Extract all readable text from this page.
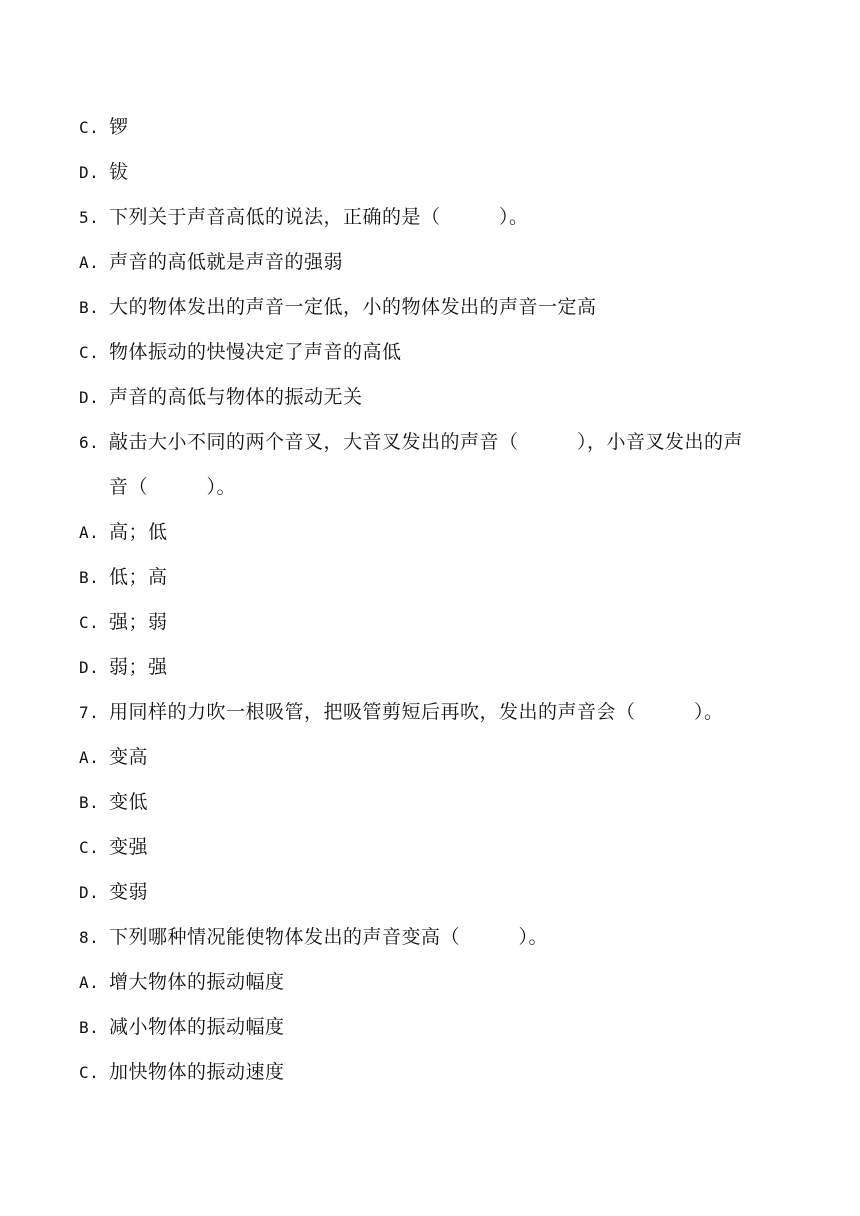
C. 锣
D. 钹
5. 下列关于声音高低的说法，正确的是（　　　）。
A. 声音的高低就是声音的强弱
B. 大的物体发出的声音一定低，小的物体发出的声音一定高
C. 物体振动的快慢决定了声音的高低
D. 声音的高低与物体的振动无关
6. 敲击大小不同的两个音叉，大音叉发出的声音（　　　），小音叉发出的声
音（　　　）。
A. 高；低
B. 低；高
C. 强；弱
D. 弱；强
7. 用同样的力吹一根吸管，把吸管剪短后再吹，发出的声音会（　　　）。
A. 变高
B. 变低
C. 变强
D. 变弱
8. 下列哪种情况能使物体发出的声音变高（　　　）。
A. 增大物体的振动幅度
B. 减小物体的振动幅度
C. 加快物体的振动速度
